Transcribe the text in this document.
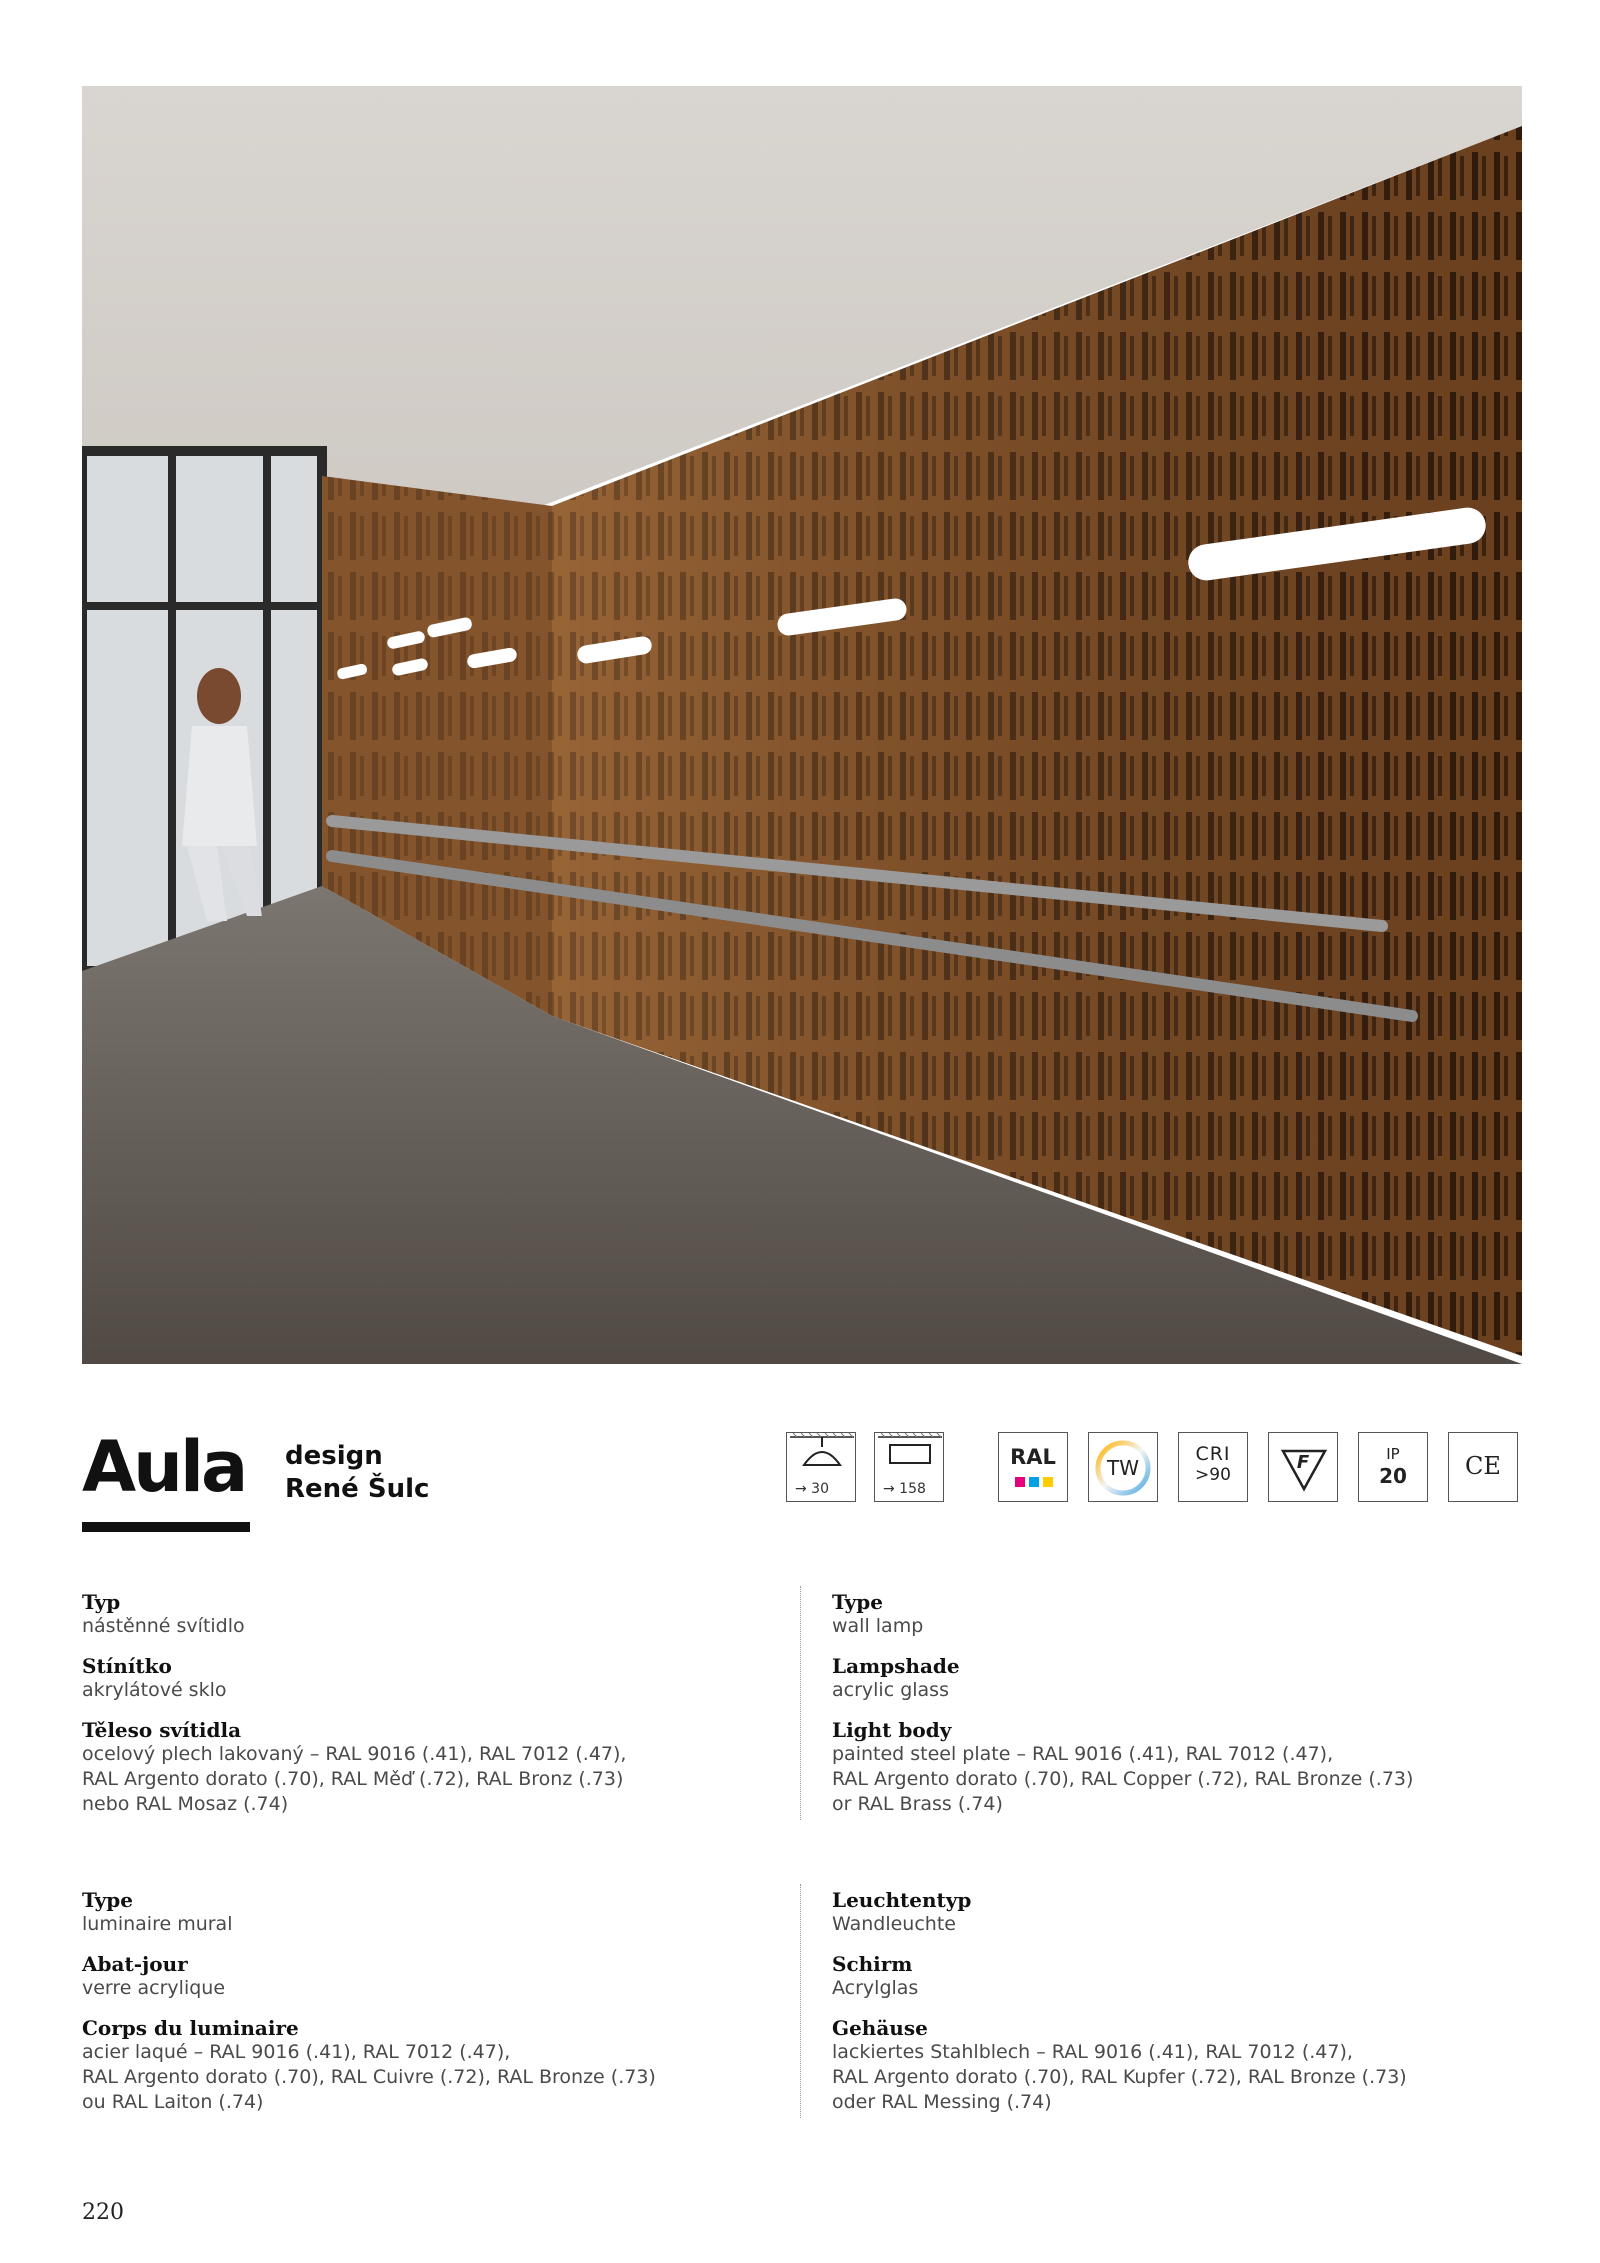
Aula design
René Šulc	→ 30	→ 158
RAL	TW
CRI
>90
F	IP
20	CE
Typ
nástěnné svítidlo
Stínítko
akrylátové sklo
Těleso svítidla
ocelový plech lakovaný – RAL 9016 (.41), RAL 7012 (.47),
RAL Argento dorato (.70), RAL Měď (.72), RAL Bronz (.73)
nebo RAL Mosaz (.74)
Type
wall lamp
Lampshade
acrylic glass
Light body
painted steel plate – RAL 9016 (.41), RAL 7012 (.47),
RAL Argento dorato (.70), RAL Copper (.72), RAL Bronze (.73)
or RAL Brass (.74)
Type
luminaire mural
Abat-jour
verre acrylique
Corps du luminaire
acier laqué – RAL 9016 (.41), RAL 7012 (.47),
RAL Argento dorato (.70), RAL Cuivre (.72), RAL Bronze (.73)
ou RAL Laiton (.74)
Leuchtentyp
Wandleuchte
Schirm
Acrylglas
Gehäuse
lackiertes Stahlblech – RAL 9016 (.41), RAL 7012 (.47),
RAL Argento dorato (.70), RAL Kupfer (.72), RAL Bronze (.73)
oder RAL Messing (.74)
220
